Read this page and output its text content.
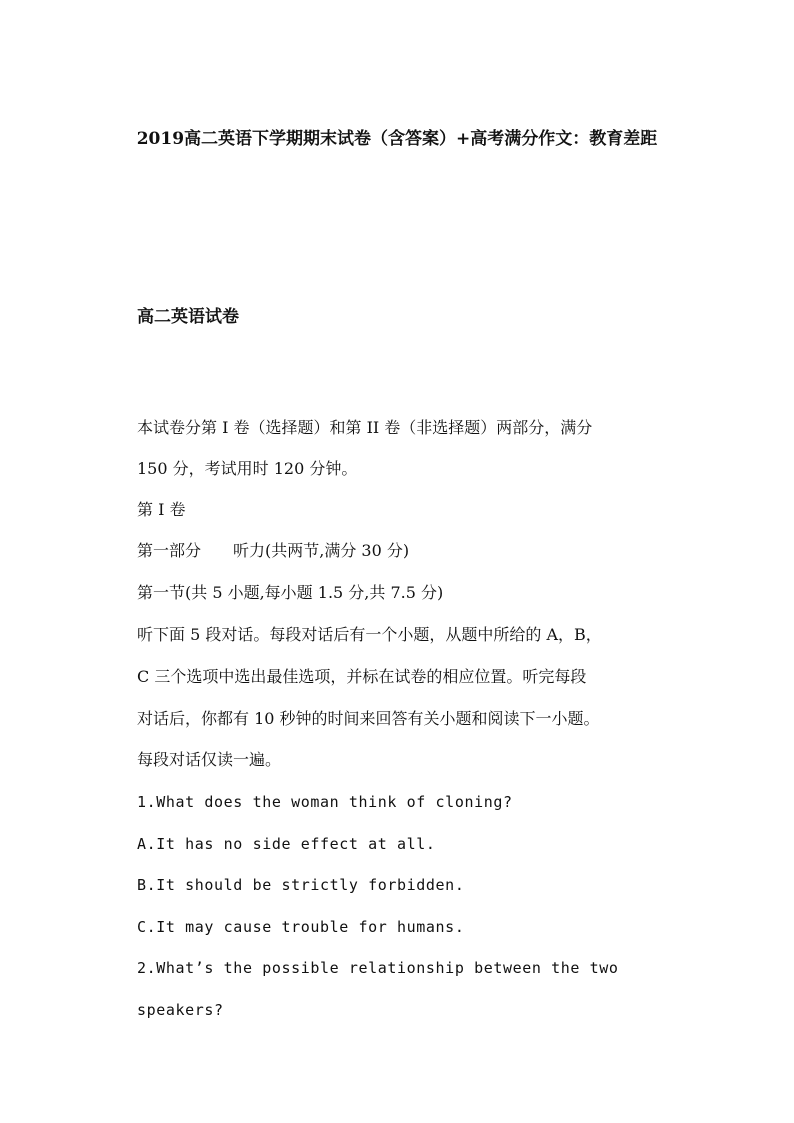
2019高二英语下学期期末试卷（含答案）+高考满分作文：教育差距
高二英语试卷
本试卷分第 I 卷（选择题）和第 II 卷（非选择题）两部分，满分
150 分，考试用时 120 分钟。
第 I 卷
第一部分　　听力(共两节,满分 30 分)
第一节(共 5 小题,每小题 1.5 分,共 7.5 分)
听下面 5 段对话。每段对话后有一个小题，从题中所给的 A，B，
C 三个选项中选出最佳选项，并标在试卷的相应位置。听完每段
对话后，你都有 10 秒钟的时间来回答有关小题和阅读下一小题。
每段对话仅读一遍。
1.What does the woman think of cloning?
A.It has no side effect at all.
B.It should be strictly forbidden.
C.It may cause trouble for humans.
2.What’s the possible relationship between the two
speakers?
